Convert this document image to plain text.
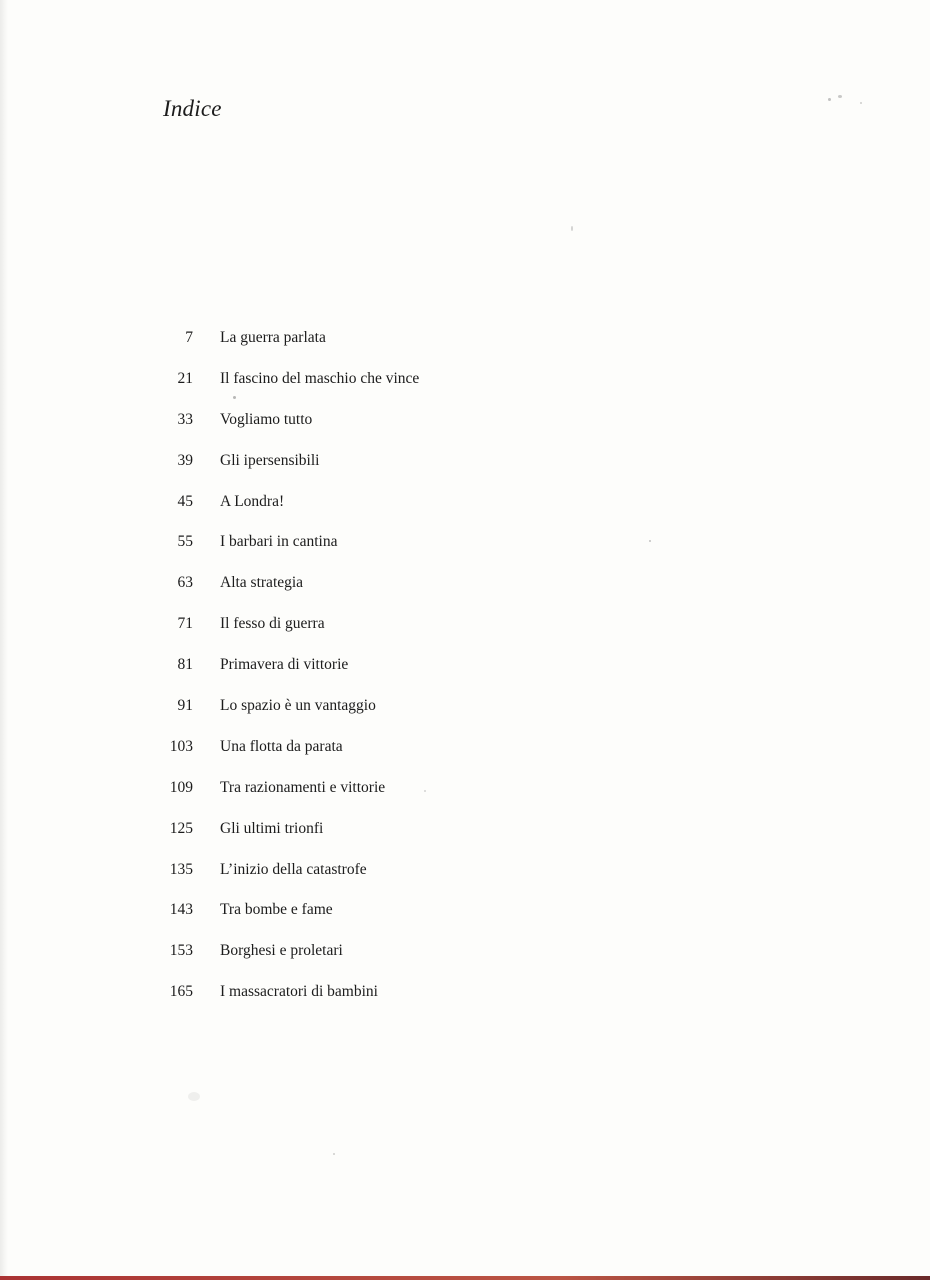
Indice
7	La guerra parlata
21	Il fascino del maschio che vince
33	Vogliamo tutto
39	Gli ipersensibili
45	A Londra!
55	I barbari in cantina
63	Alta strategia
71	Il fesso di guerra
81	Primavera di vittorie
91	Lo spazio è un vantaggio
103	Una flotta da parata
109	Tra razionamenti e vittorie
125	Gli ultimi trionfi
135	L’inizio della catastrofe
143	Tra bombe e fame
153	Borghesi e proletari
165	I massacratori di bambini
